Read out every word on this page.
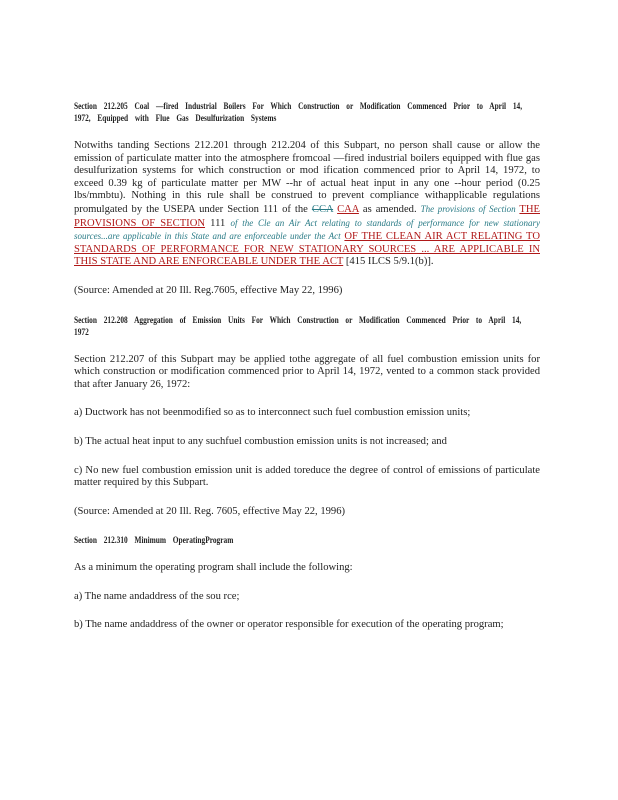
Section 212.205 Coal —fired Industrial Boilers For Which Construction or Modification Commenced Prior to April 14, 1972, Equipped with Flue Gas Desulfurization Systems

Notwiths tanding Sections 212.201 through 212.204 of this Subpart, no person shall cause or allow the emission of particulate matter into the atmosphere fromcoal —fired industrial boilers equipped with flue gas desulfurization systems for which construction or mod ification commenced prior to April 14, 1972, to exceed 0.39 kg of particulate matter per MW --hr of actual heat input in any one --hour period (0.25 lbs/mmbtu). Nothing in this rule shall be construed to prevent compliance withapplicable regulations promulgated by the USEPA under Section 111 of the CCA CAA as amended. The provisions of Section THE PROVISIONS OF SECTION 111 of the Cle an Air Act relating to standards of performance for new stationary sources...are applicable in this State and are enforceable under the Act OF THE CLEAN AIR ACT RELATING TO STANDARDS OF PERFORMANCE FOR NEW STATIONARY SOURCES ... ARE APPLICABLE IN THIS STATE AND ARE ENFORCEABLE UNDER THE ACT [415 ILCS 5/9.1(b)].

(Source: Amended at 20 Ill. Reg.7605, effective May 22, 1996)

Section 212.208 Aggregation of Emission Units For Which Construction or Modification Commenced Prior to April 14, 1972

Section 212.207 of this Subpart may be applied tothe aggregate of all fuel combustion emission units for which construction or modification commenced prior to April 14, 1972, vented to a common stack provided that after January 26, 1972:

a) Ductwork has not beenmodified so as to interconnect such fuel combustion emission units;

b) The actual heat input to any suchfuel combustion emission units is not increased; and

c) No new fuel combustion emission unit is added toreduce the degree of control of emissions of particulate matter required by this Subpart.

(Source: Amended at 20 Ill. Reg. 7605, effective May 22, 1996)

Section 212.310 Minimum OperatingProgram

As a minimum the operating program shall include the following:

a) The name andaddress of the sou rce;

b) The name andaddress of the owner or operator responsible for execution of the operating program;
